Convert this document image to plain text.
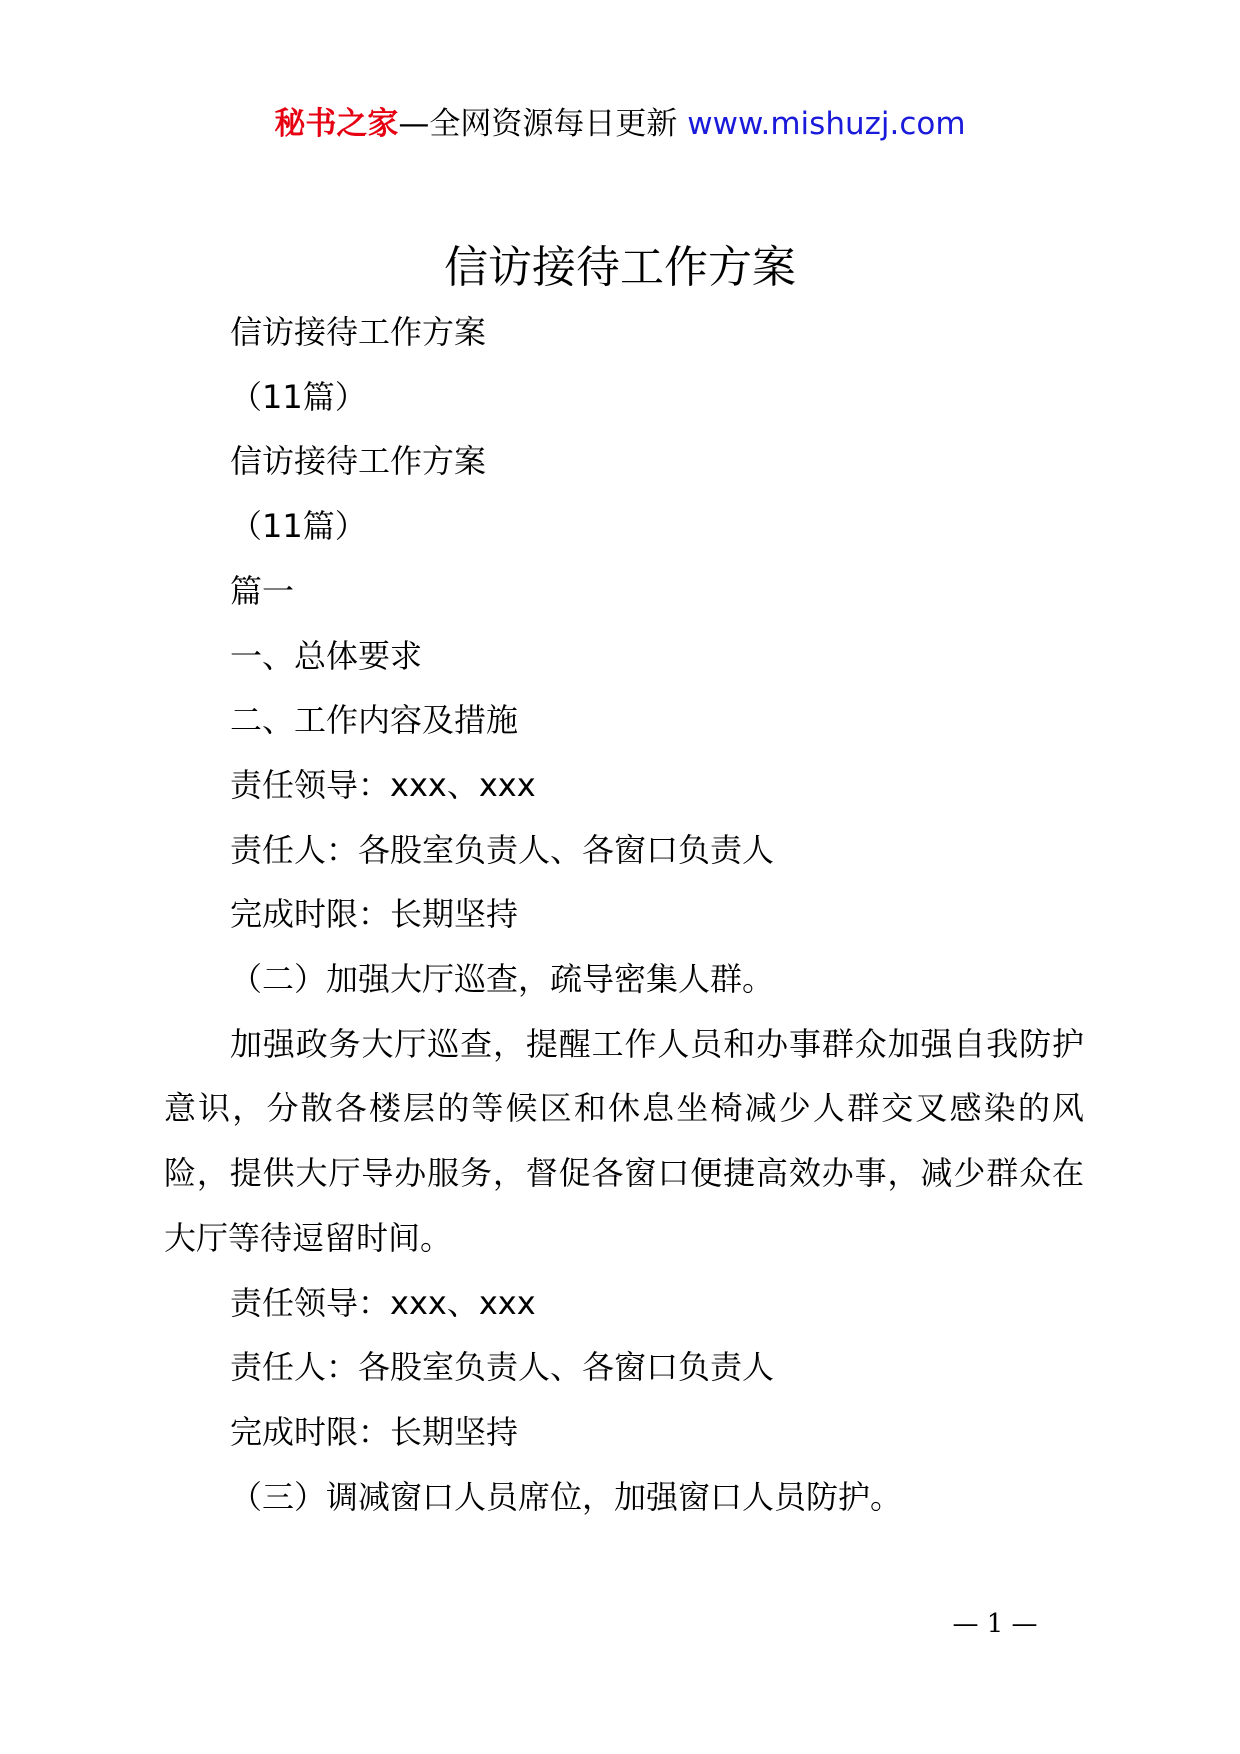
秘书之家—全网资源每日更新 www.mishuzj.com
信访接待工作方案

信访接待工作方案

（11篇）

信访接待工作方案

（11篇）

篇一

一、总体要求

二、工作内容及措施

责任领导：xxx、xxx

责任人：各股室负责人、各窗口负责人

完成时限：长期坚持

（二）加强大厅巡查，疏导密集人群。

加强政务大厅巡查，提醒工作人员和办事群众加强自我防护意识，分散各楼层的等候区和休息坐椅减少人群交叉感染的风险，提供大厅导办服务，督促各窗口便捷高效办事，减少群众在大厅等待逗留时间。

责任领导：xxx、xxx

责任人：各股室负责人、各窗口负责人

完成时限：长期坚持

（三）调减窗口人员席位，加强窗口人员防护。

— 1 —
